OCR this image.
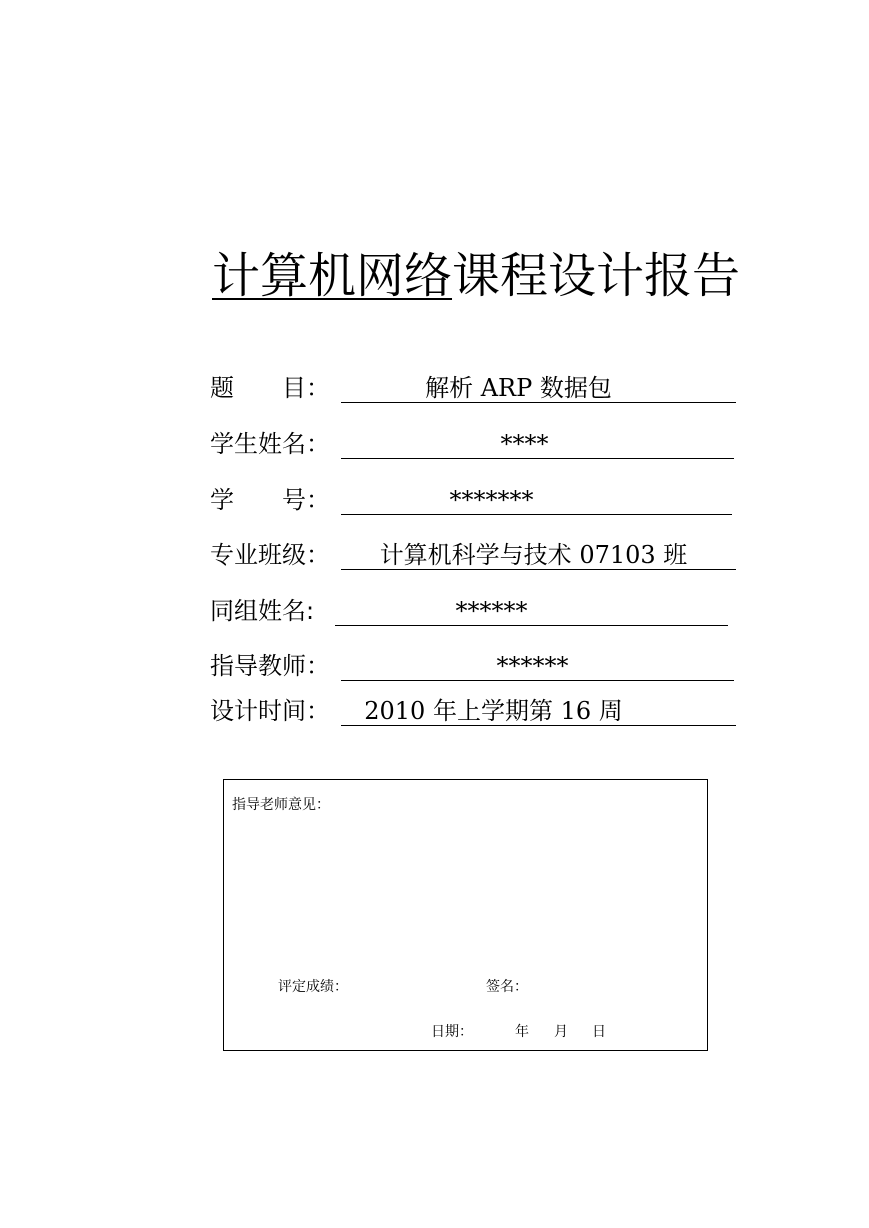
计算机网络课程设计报告
题　　目：	解析 ARP 数据包
学生姓名：	****
学　　号：	*******
专业班级：	计算机科学与技术 07103 班
同组姓名:	******
指导教师：	******
设计时间：	2010 年上学期第 16 周
指导老师意见：
评定成绩：	签名：
日期：	年 月 日
